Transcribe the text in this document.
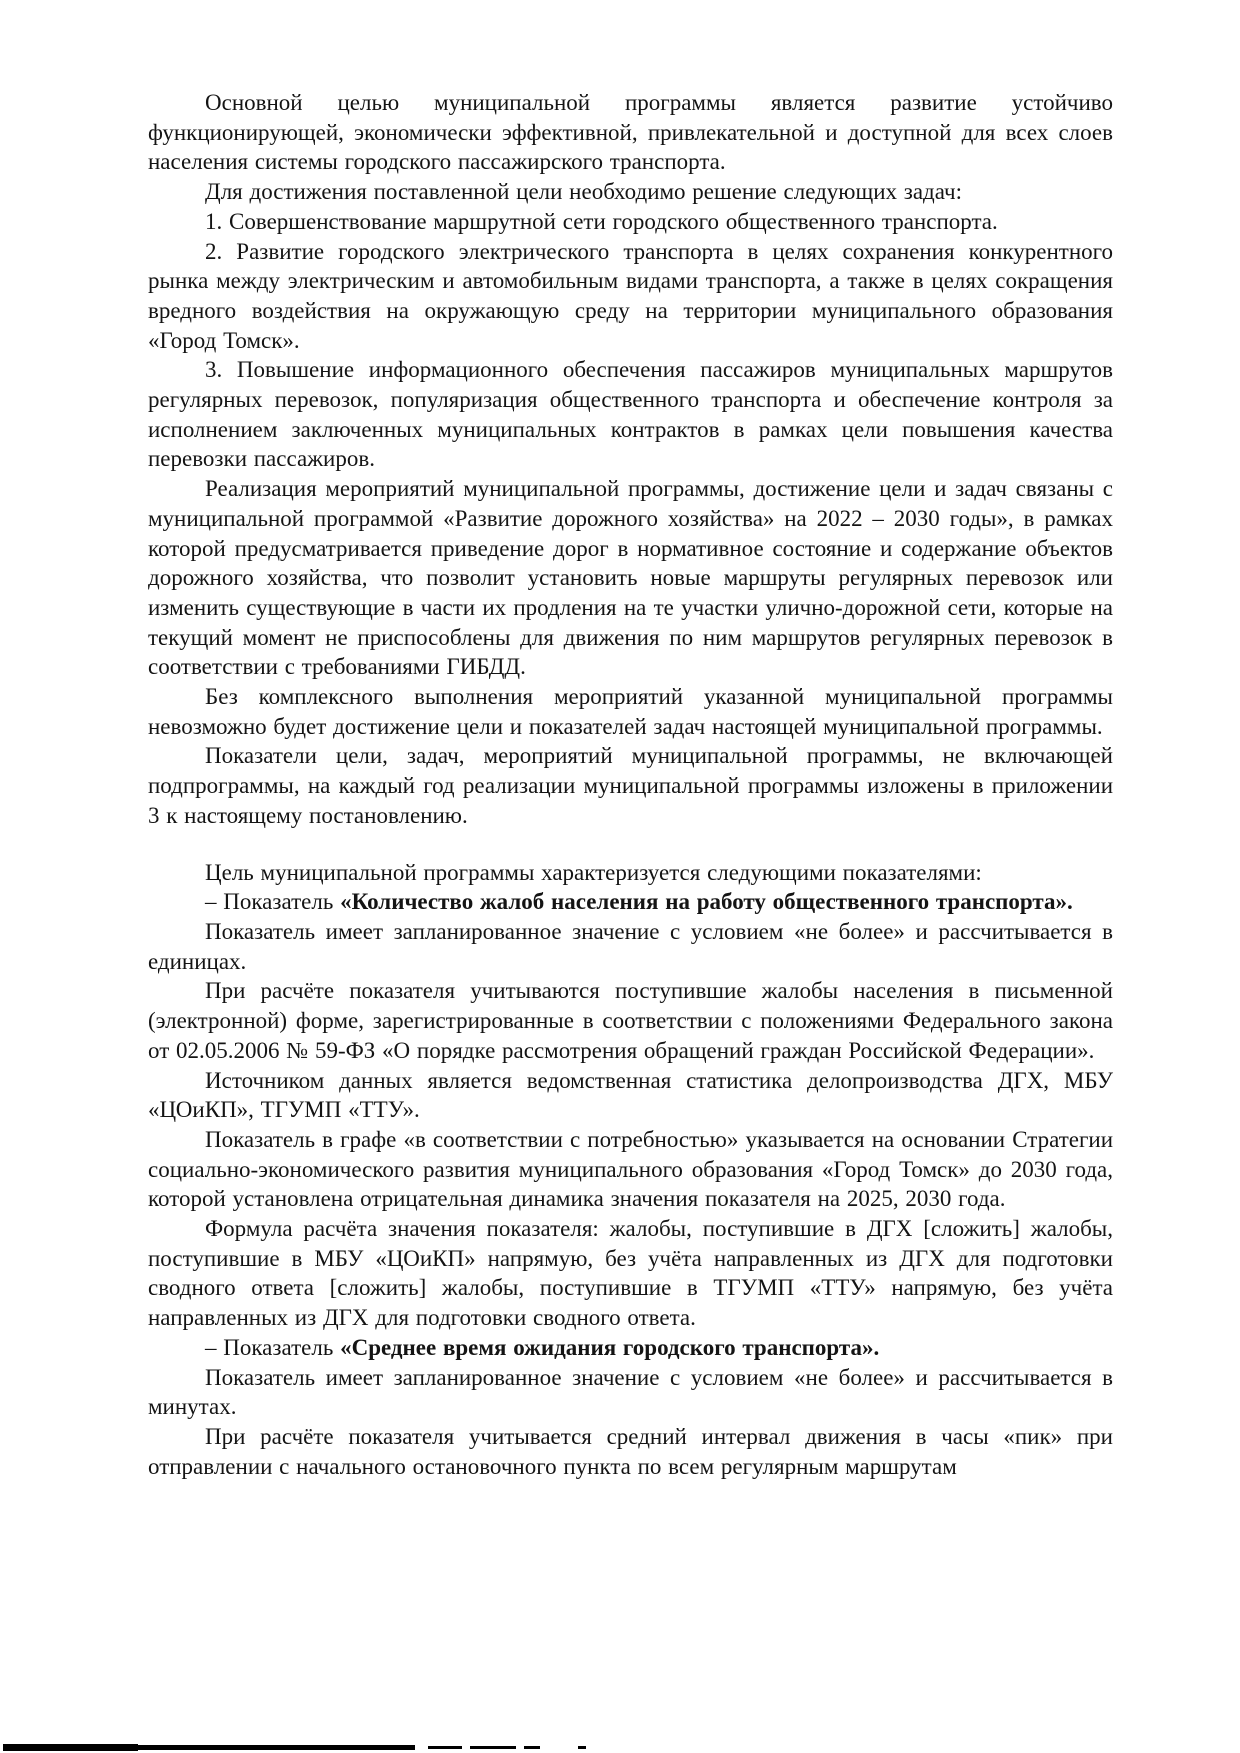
Основной целью муниципальной программы является развитие устойчиво функционирующей, экономически эффективной, привлекательной и доступной для всех слоев населения системы городского пассажирского транспорта.

Для достижения поставленной цели необходимо решение следующих задач:

1. Совершенствование маршрутной сети городского общественного транспорта.

2. Развитие городского электрического транспорта в целях сохранения конкурентного рынка между электрическим и автомобильным видами транспорта, а также в целях сокращения вредного воздействия на окружающую среду на территории муниципального образования «Город Томск».

3. Повышение информационного обеспечения пассажиров муниципальных маршрутов регулярных перевозок, популяризация общественного транспорта и обеспечение контроля за исполнением заключенных муниципальных контрактов в рамках цели повышения качества перевозки пассажиров.

Реализация мероприятий муниципальной программы, достижение цели и задач связаны с муниципальной программой «Развитие дорожного хозяйства» на 2022 – 2030 годы», в рамках которой предусматривается приведение дорог в нормативное состояние и содержание объектов дорожного хозяйства, что позволит установить новые маршруты регулярных перевозок или изменить существующие в части их продления на те участки улично-дорожной сети, которые на текущий момент не приспособлены для движения по ним маршрутов регулярных перевозок в соответствии с требованиями ГИБДД.

Без комплексного выполнения мероприятий указанной муниципальной программы невозможно будет достижение цели и показателей задач настоящей муниципальной программы.

Показатели цели, задач, мероприятий муниципальной программы, не включающей подпрограммы, на каждый год реализации муниципальной программы изложены в приложении 3 к настоящему постановлению.

Цель муниципальной программы характеризуется следующими показателями:

– Показатель «Количество жалоб населения на работу общественного транспорта».

Показатель имеет запланированное значение с условием «не более» и рассчитывается в единицах.

При расчёте показателя учитываются поступившие жалобы населения в письменной (электронной) форме, зарегистрированные в соответствии с положениями Федерального закона от 02.05.2006 № 59-ФЗ «О порядке рассмотрения обращений граждан Российской Федерации».

Источником данных является ведомственная статистика делопроизводства ДГХ, МБУ «ЦОиКП», ТГУМП «ТТУ».

Показатель в графе «в соответствии с потребностью» указывается на основании Стратегии социально-экономического развития муниципального образования «Город Томск» до 2030 года, которой установлена отрицательная динамика значения показателя на 2025, 2030 года.

Формула расчёта значения показателя: жалобы, поступившие в ДГХ [сложить] жалобы, поступившие в МБУ «ЦОиКП» напрямую, без учёта направленных из ДГХ для подготовки сводного ответа [сложить] жалобы, поступившие в ТГУМП «ТТУ» напрямую, без учёта направленных из ДГХ для подготовки сводного ответа.

– Показатель «Среднее время ожидания городского транспорта».

Показатель имеет запланированное значение с условием «не более» и рассчитывается в минутах.

При расчёте показателя учитывается средний интервал движения в часы «пик» при отправлении с начального остановочного пункта по всем регулярным маршрутам
